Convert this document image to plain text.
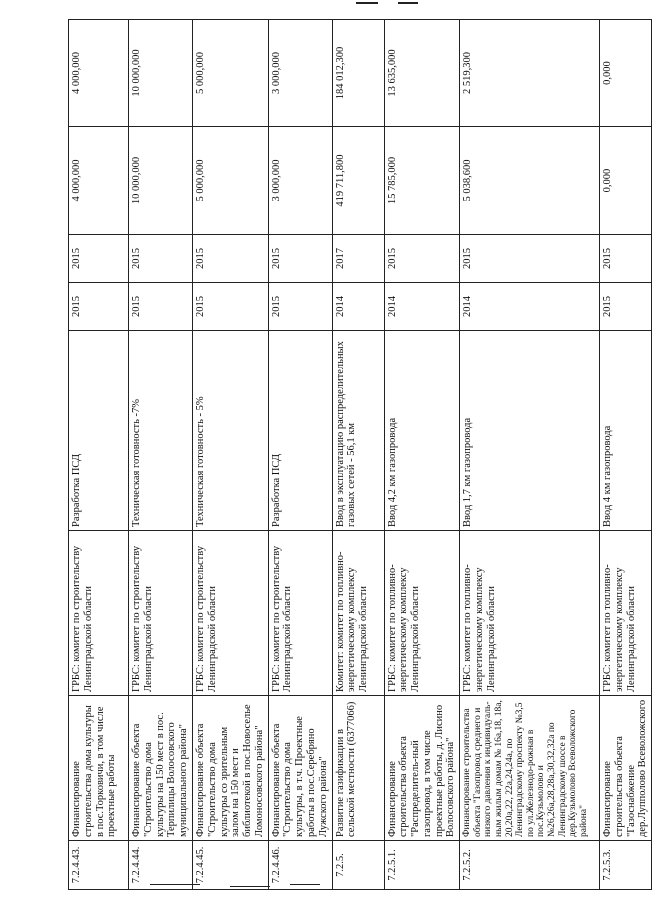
7.2.4.43.	Финансирование строительства дома культуры в пос.Торковичи, в том числе проектные работы	ГРБС: комитет по строительству Ленинградской области	Разработка ПСД	2015	2015	4 000,000	4 000,000
7.2.4.44.	Финансирование объекта "Строительство дома культуры на 150 мест в пос. Терпилицы Волосовского муниципального района"	ГРБС: комитет по строительству Ленинградской области	Техническая готовность -7%	2015	2015	10 000,000	10 000,000
7.2.4.45.	Финансирование объекта "Строительство дома культуры со зрительным залом на 150 мест и библиотекой в пос.Новоселье Ломоносовского района"	ГРБС: комитет по строительству Ленинградской области	Техническая готовность - 5%	2015	2015	5 000,000	5 000,000
7.2.4.46.	Финансирование объекта "Строительство дома культуры, в т.ч. Проектные работы в пос.Серебряно Лужского района"	ГРБС: комитет по строительству Ленинградской области	Разработка ПСД	2015	2015	3 000,000	3 000,000
7.2.5.	Развитие газификации в сельской местности (6377066)	Комитет: комитет по топливно-энергетическому комплексу Ленинградской области	Ввод в эксплуатацию распределительных газовых сетей - 56,1 км	2014	2017	419 711,800	184 012,300
7.2.5.1.	Финансирование строительства объекта "Распределитель-ный газопровод, в том числе проектные работы, д. Лисино Волосовского района"	ГРБС: комитет по топливно-энергетическому комплексу Ленинградской области	Ввод 4,2 км газопровода	2014	2015	15 785,000	13 635,000
7.2.5.2.	Финансирование строительства объекта "Газопровод среднего и низкого давления к индивидуаль-ным жилым домам № 16а,18, 18а, 20,20а,22, 22а,24,24а, по Ленинградскому проспекту №3,5 по ул.Железнодо-рожная в пос.Кузьмолово и №26,26а,28,28а,30,32,32а по Ленинградскому шоссе в дер.Кузьмолово Всеволожского района"	ГРБС: комитет по топливно-энергетическому комплексу Ленинградской области	Ввод 1,7 км газопровода	2014	2015	5 038,600	2 519,300
7.2.5.3.	Финансирование строительства объекта "Газоснабжение дер.Лупполово Всеволожского	ГРБС: комитет по топливно-энергетическому комплексу Ленинградской области	Ввод 4 км газопровода	2015	2015	0,000	0,000
